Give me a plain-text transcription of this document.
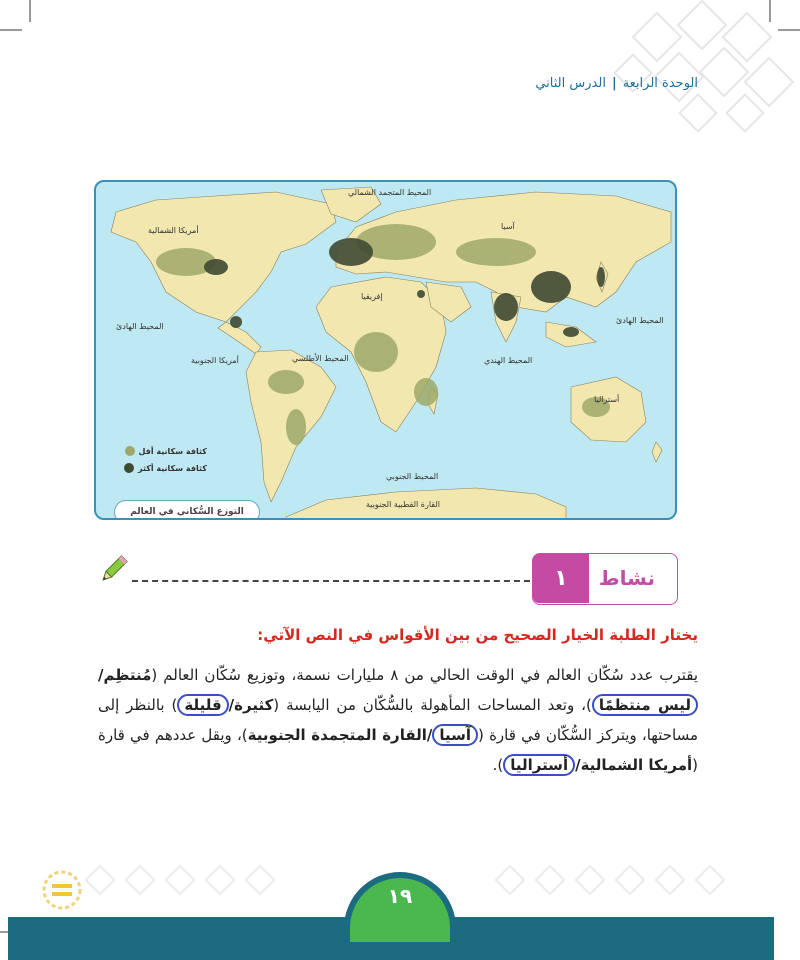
الوحدة الرابعة
|
الدرس الثاني
المحيط المتجمد الشمالي
آسيا
أمريكا الشمالية
المحيط الهادئ
المحيط الهادئ
إفريقيا
أمريكا الجنوبية	المحيط الأطلسي	المحيط الهندي
أستراليا
المحيط الجنوبي
القارة القطبية الجنوبية
كثافة سكانية أقل
كثافة سكانية أكثر
التوزع السُّكاني في العالم
نشاط
١
يختار الطلبة الخيار الصحيح من بين الأقواس في النص الآتي:
يقترب عدد سُكّان العالم في الوقت الحالي من ٨ مليارات نسمة، وتوزيع سُكّان العالم (مُنتظِم/ليس منتظمًا)، وتعد المساحات المأهولة بالسُّكّان من اليابسة (كثيرة/قليلة) بالنظر إلى مساحتها، ويتركز السُّكّان في قارة (آسيا/القارة المتجمدة الجنوبية)، ويقل عددهم في قارة (أمريكا الشمالية/أستراليا).
١٩
